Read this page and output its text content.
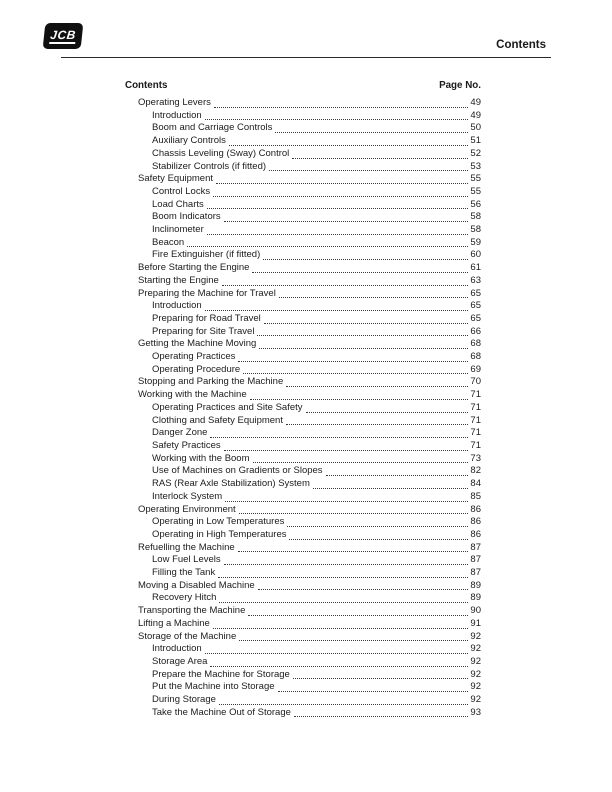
JCB
Contents
Contents	Page No.
Operating Levers	49
Introduction	49
Boom and Carriage Controls	50
Auxiliary Controls	51
Chassis Leveling (Sway) Control	52
Stabilizer Controls (if fitted)	53
Safety Equipment	55
Control Locks	55
Load Charts	56
Boom Indicators	58
Inclinometer	58
Beacon	59
Fire Extinguisher (if fitted)	60
Before Starting the Engine	61
Starting the Engine	63
Preparing the Machine for Travel	65
Introduction	65
Preparing for Road Travel	65
Preparing for Site Travel	66
Getting the Machine Moving	68
Operating Practices	68
Operating Procedure	69
Stopping and Parking the Machine	70
Working with the Machine	71
Operating Practices and Site Safety	71
Clothing and Safety Equipment	71
Danger Zone	71
Safety Practices	71
Working with the Boom	73
Use of Machines on Gradients or Slopes	82
RAS (Rear Axle Stabilization) System	84
Interlock System	85
Operating Environment	86
Operating in Low Temperatures	86
Operating in High Temperatures	86
Refuelling the Machine	87
Low Fuel Levels	87
Filling the Tank	87
Moving a Disabled Machine	89
Recovery Hitch	89
Transporting the Machine	90
Lifting a Machine	91
Storage of the Machine	92
Introduction	92
Storage Area	92
Prepare the Machine for Storage	92
Put the Machine into Storage	92
During Storage	92
Take the Machine Out of Storage	93
